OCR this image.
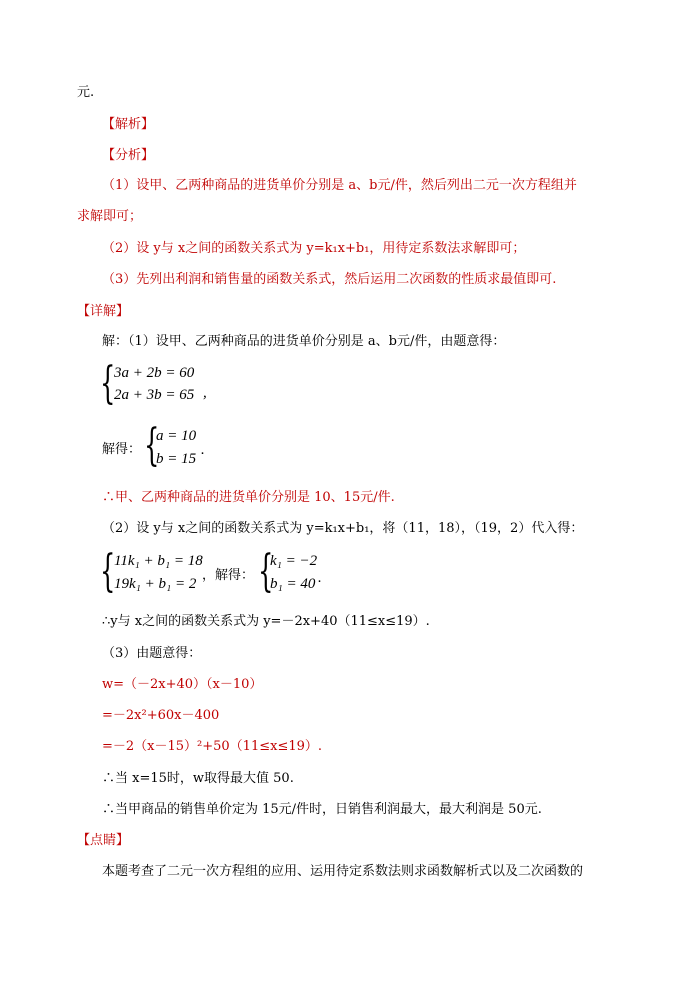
元.
【解析】
【分析】
（1）设甲、乙两种商品的进货单价分别是 a、b元/件，然后列出二元一次方程组并
求解即可；
（2）设 y与 x之间的函数关系式为 y=k₁x+b₁，用待定系数法求解即可；
（3）先列出利润和销售量的函数关系式，然后运用二次函数的性质求最值即可.
【详解】
解：（1）设甲、乙两种商品的进货单价分别是 a、b元/件，由题意得：
{
3a + 2b = 60
2a + 3b = 65 ,
解得： {
a = 10
b = 15
.
∴甲、乙两种商品的进货单价分别是 10、15元/件.
（2）设 y与 x之间的函数关系式为 y=k₁x+b₁，将（11，18），（19，2）代入得：
{
11k₁ + b₁ = 18
19k₁ + b₁ = 2
，解得： {
k₁ = −2
b₁ = 40 .
∴y与 x之间的函数关系式为 y=－2x+40（11≤x≤19）.
（3）由题意得：
w=（－2x+40）（x－10）
=－2x²+60x－400
=－2（x－15）²+50（11≤x≤19）.
∴当 x=15时，w取得最大值 50.
∴当甲商品的销售单价定为 15元/件时，日销售利润最大，最大利润是 50元.
【点睛】
本题考查了二元一次方程组的应用、运用待定系数法则求函数解析式以及二次函数的
